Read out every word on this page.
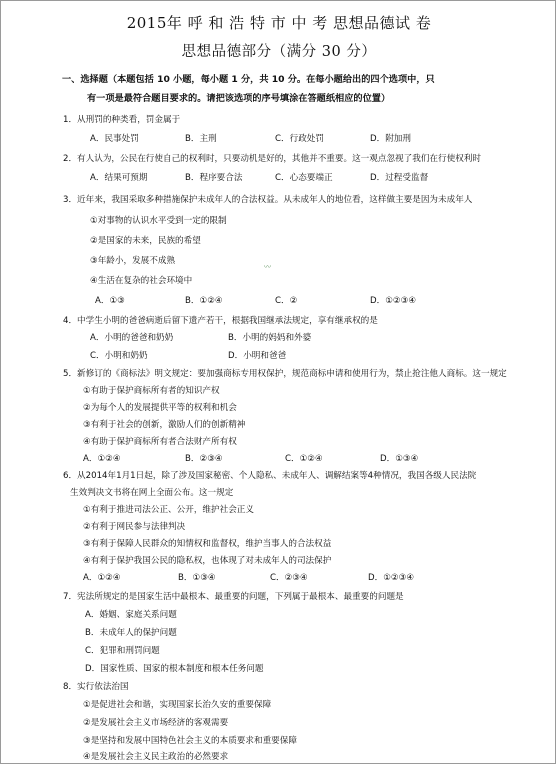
2015年 呼 和 浩 特 市 中 考 思想品德试 卷
思想品德部分（满分 30 分）
一、选择题（本题包括 10 小题，每小题 1 分，共 10 分。在每小题给出的四个选项中，只
有一项是最符合题目要求的。请把该选项的序号填涂在答题纸相应的位置）
1．从刑罚的种类看，罚金属于
A．民事处罚	B．主刑	C．行政处罚	D．附加刑
2．有人认为，公民在行使自己的权利时，只要动机是好的，其他并不重要。这一观点忽视了我们在行使权利时
A．结果可预期	B．程序要合法	C．心态要端正	D．过程受监督
3．近年来，我国采取多种措施保护未成年人的合法权益。从未成年人的地位看，这样做主要是因为未成年人
①对事物的认识水平受到一定的限制
②是国家的未来，民族的希望
③年龄小，发展不成熟
〰
④生活在复杂的社会环境中
A．①③	B．①②④	C．②	D．①②③④
4．中学生小明的爸爸病逝后留下遗产若干，根据我国继承法规定，享有继承权的是
A．小明的爸爸和奶奶	B．小明的妈妈和外婆
C．小明和奶奶	D．小明和爸爸
5．新修订的《商标法》明文规定：要加强商标专用权保护，规范商标申请和使用行为，禁止抢注他人商标。这一规定
①有助于保护商标所有者的知识产权
②为每个人的发展提供平等的权利和机会
③有利于社会的创新，激励人们的创新精神
④有助于保护商标所有者合法财产所有权
A．①②④	B．②③④	C．①②④	D．①③④
6．从2014年1月1日起，除了涉及国家秘密、个人隐私、未成年人、调解结案等4种情况，我国各级人民法院
生效判决文书将在网上全面公布。这一规定
①有利于推进司法公正、公开，维护社会正义
②有利于网民参与法律判决
③有利于保障人民群众的知情权和监督权，维护当事人的合法权益
④有利于保护我国公民的隐私权，也体现了对未成年人的司法保护
A．①②④	B．①③④	C．②③④	D．①②③④
7．宪法所规定的是国家生活中最根本、最重要的问题，下列属于最根本、最重要的问题是
A．婚姻、家庭关系问题
B．未成年人的保护问题
C．犯罪和刑罚问题
D．国家性质、国家的根本制度和根本任务问题
8．实行依法治国
①是促进社会和谐，实现国家长治久安的重要保障
②是发展社会主义市场经济的客观需要
③是坚持和发展中国特色社会主义的本质要求和重要保障
④是发展社会主义民主政治的必然要求
